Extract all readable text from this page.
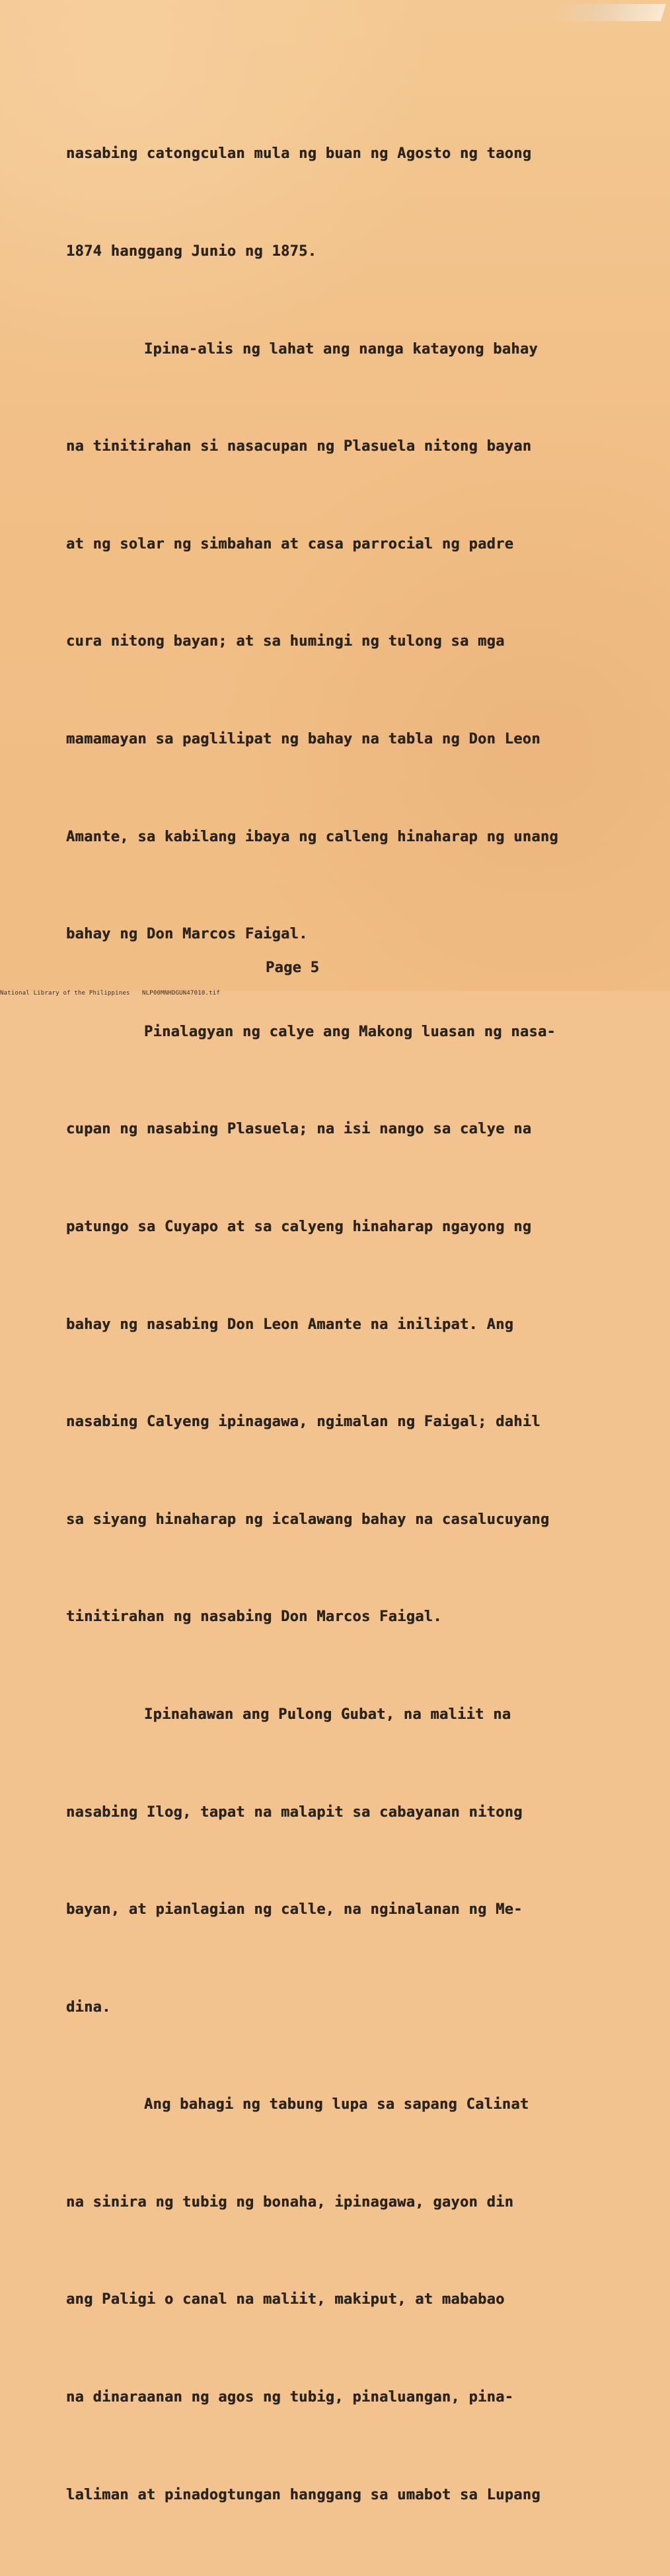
nasabing catongculan mula ng buan ng Agosto ng taong

1874 hanggang Junio ng 1875.

Ipina-alis ng lahat ang nanga katayong bahay

na tinitirahan si nasacupan ng Plasuela nitong bayan

at ng solar ng simbahan at casa parrocial ng padre

cura nitong bayan; at sa humingi ng tulong sa mga

mamamayan sa paglilipat ng bahay na tabla ng Don Leon

Amante, sa kabilang ibaya ng calleng hinaharap ng unang

bahay ng Don Marcos Faigal.

Pinalagyan ng calye ang Makong luasan ng nasa-

cupan ng nasabing Plasuela; na isi nango sa calye na

patungo sa Cuyapo at sa calyeng hinaharap ngayong ng

bahay ng nasabing Don Leon Amante na inilipat. Ang

nasabing Calyeng ipinagawa, ngimalan ng Faigal; dahil

sa siyang hinaharap ng icalawang bahay na casalucuyang

tinitirahan ng nasabing Don Marcos Faigal.

Ipinahawan ang Pulong Gubat, na maliit na

nasabing Ilog, tapat na malapit sa cabayanan nitong

bayan, at pianlagian ng calle, na nginalanan ng Me-

dina.

Ang bahagi ng tabung lupa sa sapang Calinat

na sinira ng tubig ng bonaha, ipinagawa, gayon din

ang Paligi o canal na maliit, makiput, at mababao

na dinaraanan ng agos ng tubig, pinaluangan, pina-

laliman at pinadogtungan hanggang sa umabot sa Lupang

Page 5
National Library of the Philippines NLP00MNHDGUN47010.tif
